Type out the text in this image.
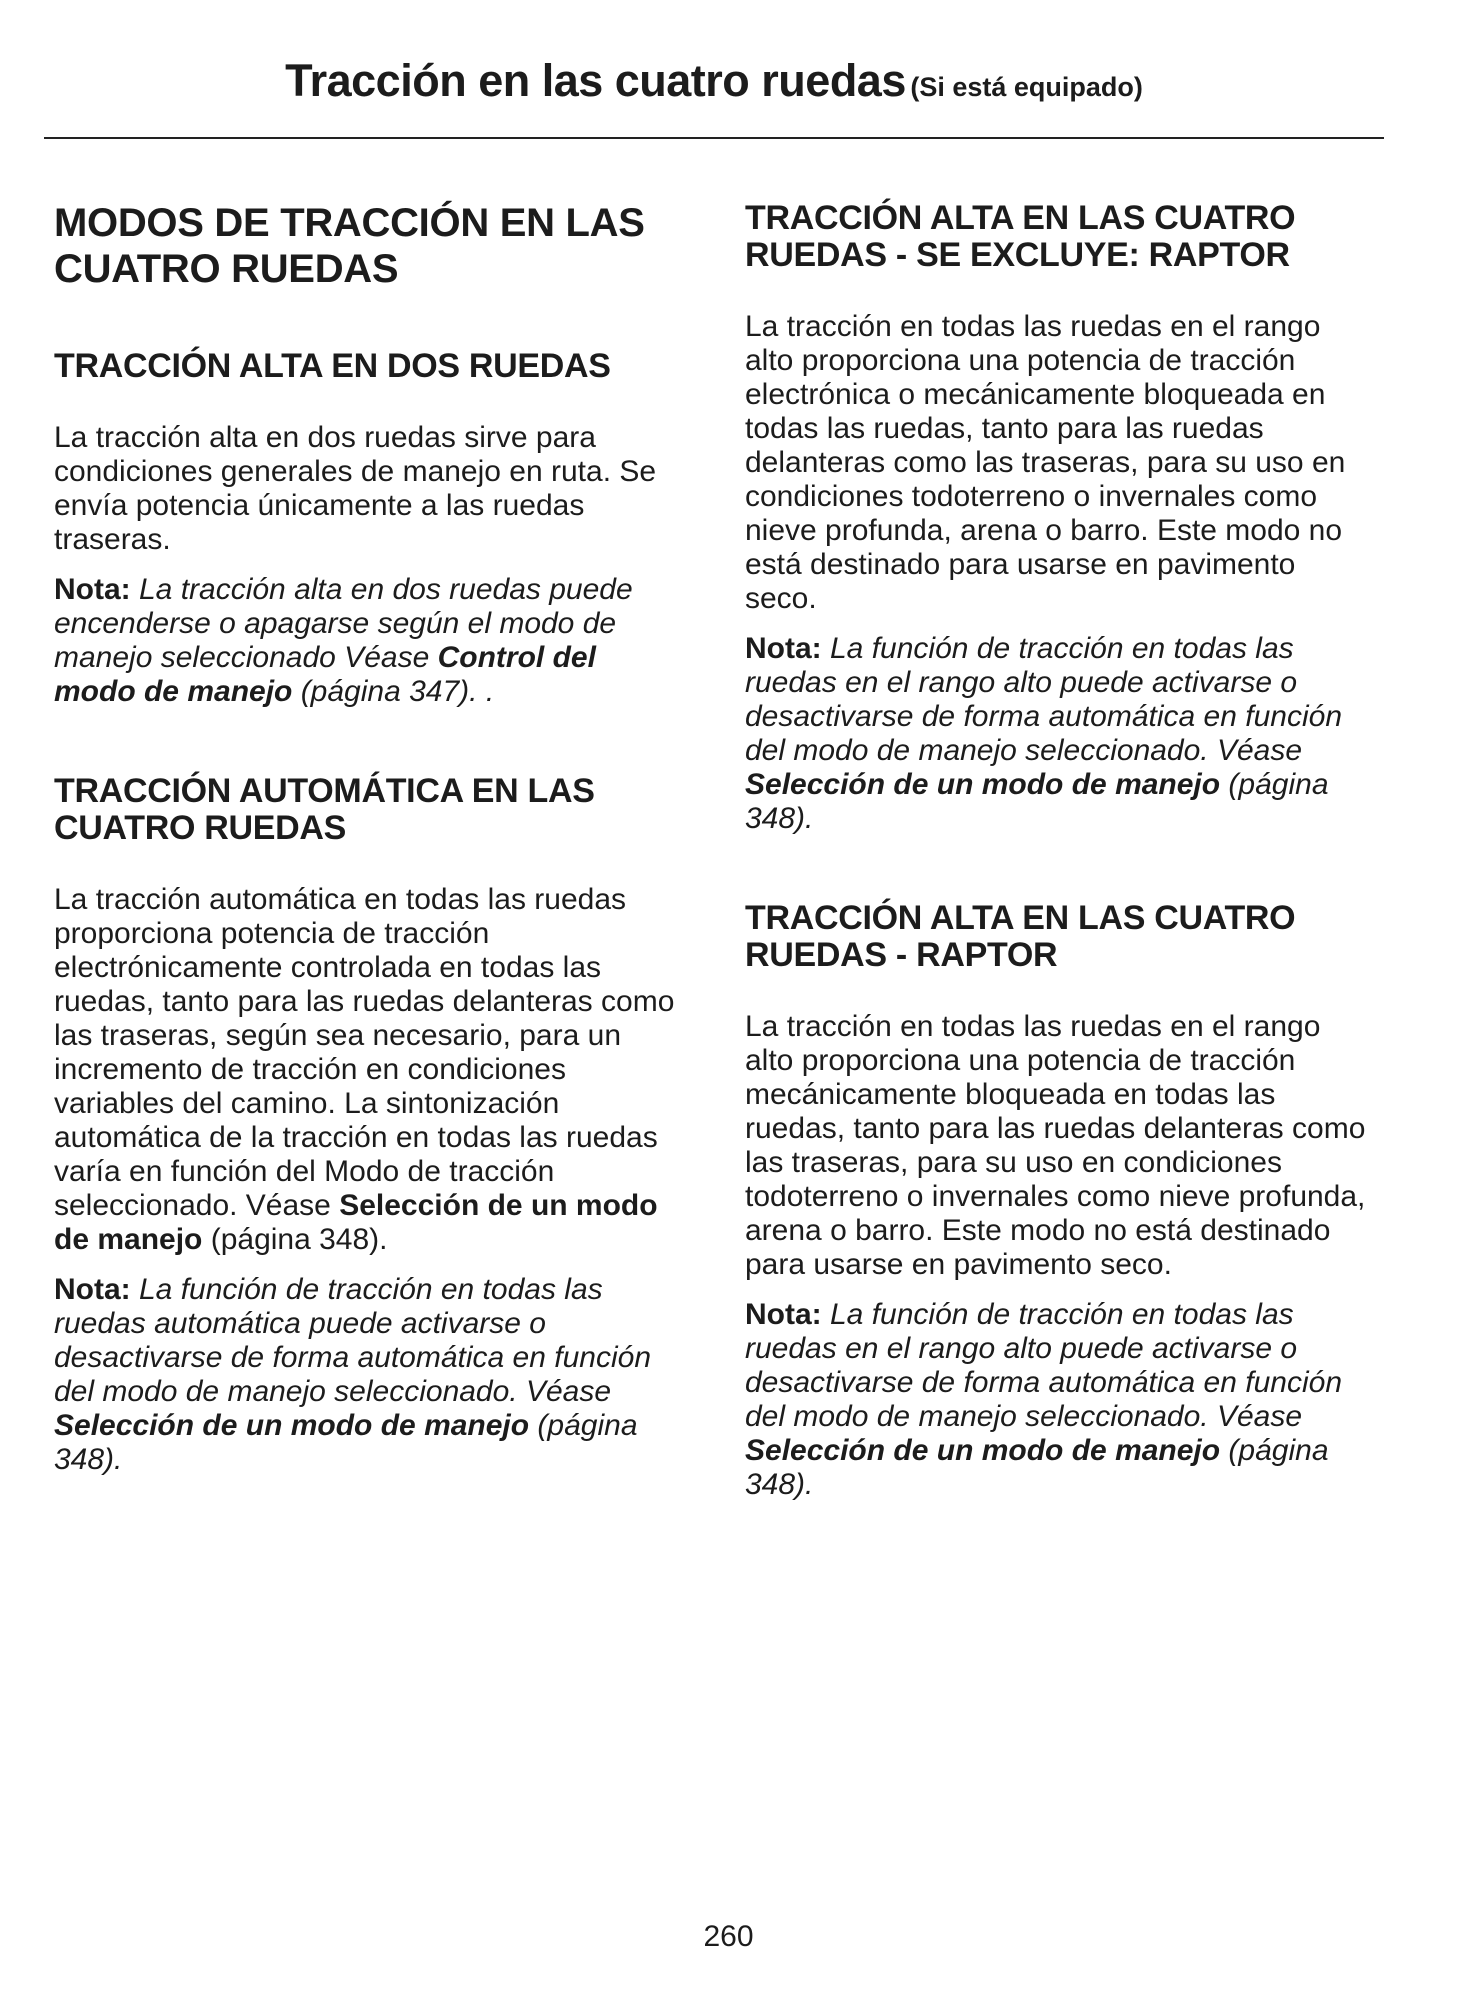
Tracción en las cuatro ruedas (Si está equipado)
MODOS DE TRACCIÓN EN LAS CUATRO RUEDAS
TRACCIÓN ALTA EN DOS RUEDAS

La tracción alta en dos ruedas sirve para condiciones generales de manejo en ruta. Se envía potencia únicamente a las ruedas traseras.

Nota: La tracción alta en dos ruedas puede encenderse o apagarse según el modo de manejo seleccionado Véase Control del modo de manejo (página 347). .

TRACCIÓN AUTOMÁTICA EN LAS CUATRO RUEDAS

La tracción automática en todas las ruedas proporciona potencia de tracción electrónicamente controlada en todas las ruedas, tanto para las ruedas delanteras como las traseras, según sea necesario, para un incremento de tracción en condiciones variables del camino. La sintonización automática de la tracción en todas las ruedas varía en función del Modo de tracción seleccionado. Véase Selección de un modo de manejo (página 348).

Nota: La función de tracción en todas las ruedas automática puede activarse o desactivarse de forma automática en función del modo de manejo seleccionado. Véase Selección de un modo de manejo (página 348).

TRACCIÓN ALTA EN LAS CUATRO RUEDAS - SE EXCLUYE: RAPTOR

La tracción en todas las ruedas en el rango alto proporciona una potencia de tracción electrónica o mecánicamente bloqueada en todas las ruedas, tanto para las ruedas delanteras como las traseras, para su uso en condiciones todoterreno o invernales como nieve profunda, arena o barro. Este modo no está destinado para usarse en pavimento seco.

Nota: La función de tracción en todas las ruedas en el rango alto puede activarse o desactivarse de forma automática en función del modo de manejo seleccionado. Véase Selección de un modo de manejo (página 348).

TRACCIÓN ALTA EN LAS CUATRO RUEDAS - RAPTOR

La tracción en todas las ruedas en el rango alto proporciona una potencia de tracción mecánicamente bloqueada en todas las ruedas, tanto para las ruedas delanteras como las traseras, para su uso en condiciones todoterreno o invernales como nieve profunda, arena o barro. Este modo no está destinado para usarse en pavimento seco.

Nota: La función de tracción en todas las ruedas en el rango alto puede activarse o desactivarse de forma automática en función del modo de manejo seleccionado. Véase Selección de un modo de manejo (página 348).

260
